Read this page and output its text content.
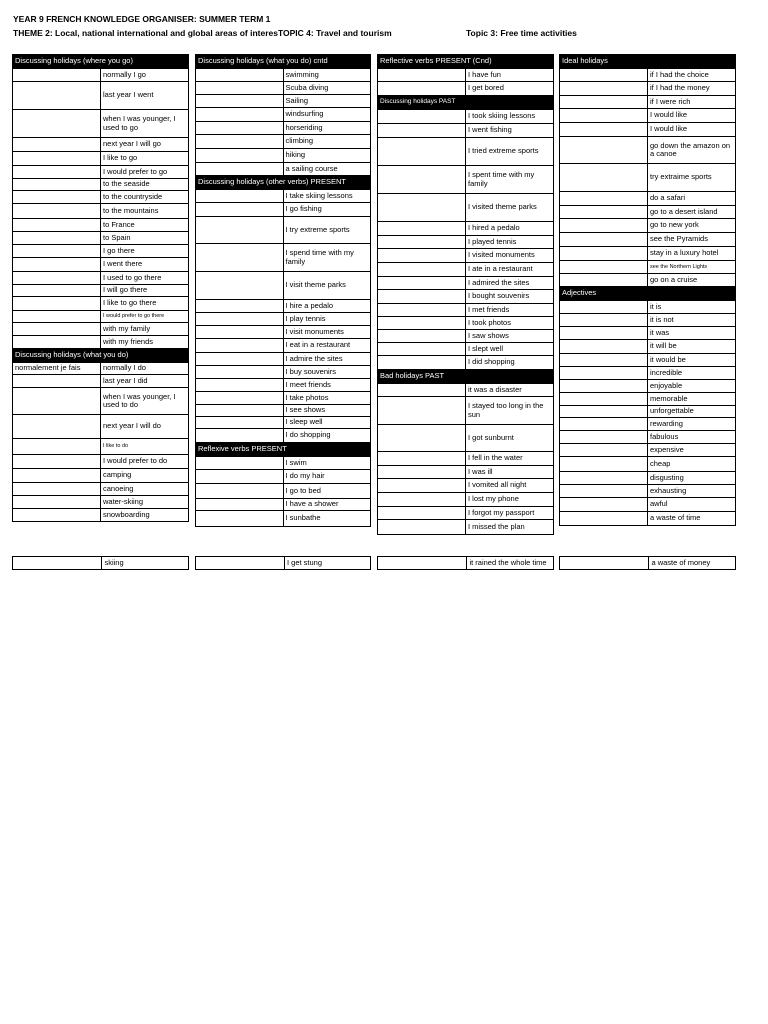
YEAR 9 FRENCH KNOWLEDGE ORGANISER: SUMMER TERM 1
THEME 2: Local, national international and global areas of interesTOPIC 4: Travel and tourism	Topic 3: Free time activities
Discussing holidays (where you go)	
	normally I go
	last year I went
	when I was younger, I used to go
	next year I will go
	I like to go
	I would prefer to go
	to the seaside
	to the countryside
	to the mountains
	to France
	to Spain
	I go there
	I went there
	I used to go there
	I will go there
	I like to go there
	I would prefer to go there
	with my family
	with my friends
Discussing holidays (what you do)	
normalement je fais	normally I do
	last year I did
	when I was younger, I used to do
	next year I will do
	I like to do
	I would prefer to do
	camping
	canoeing
	water-skiing
	snowboarding
Discussing holidays (what you do) cntd	
	swimming
	Scuba diving
	Sailing
	windsurfing
	horseriding
	climbing
	hiking
	a sailing course
Discussing holidays (other verbs) PRESENT	
	I take skiing lessons
	I go fishing
	I try extreme sports
	I spend time with my family
	I visit theme parks
	I hire a pedalo
	I play tennis
	I visit monuments
	I eat in a restaurant
	I admire the sites
	I buy souvenirs
	I meet friends
	I take photos
	I see shows
	I sleep well
	I do shopping
Reflexive verbs PRESENT	
	I swim
	I do my hair
	I go to bed
	I have a shower
	I sunbathe
Reflective verbs PRESENT (Cnd)	
	I have fun
	I get bored
Discussing holidays PAST	
	I took skiing lessons
	I went fishing
	I tried extreme sports
	I spent time with my family
	I visited theme parks
	I hired a pedalo
	I played tennis
	I visited monuments
	I ate in a restaurant
	I admired the sites
	I bought souvenirs
	I met friends
	I took photos
	I saw shows
	I slept well
	I did shopping
Bad holidays PAST	
	it was a disaster
	I stayed too long in the sun
	I got sunburnt
	I fell in the water
	I was ill
	I vomited all night
	I lost my phone
	I forgot my passport
	I missed the plan
Ideal holidays	
	if I had the choice
	if I had the money
	if I were rich
	I would like
	I would like
	go down the amazon on a canoe
	try extraime sports
	do a safari
	go to a desert island
	go to new york
	see the Pyramids
	stay in a luxury hotel
	see the Northern Lights
	go on a cruise
Adjectives	
	it is
	it is not
	it was
	it will be
	it would be
	incredible
	enjoyable
	memorable
	unforgettable
	rewarding
	fabulous
	expensive
	cheap
	disgusting
	exhausting
	awful
	a waste of time
	skiing
		I get stung
		it rained the whole time
		a waste of money
